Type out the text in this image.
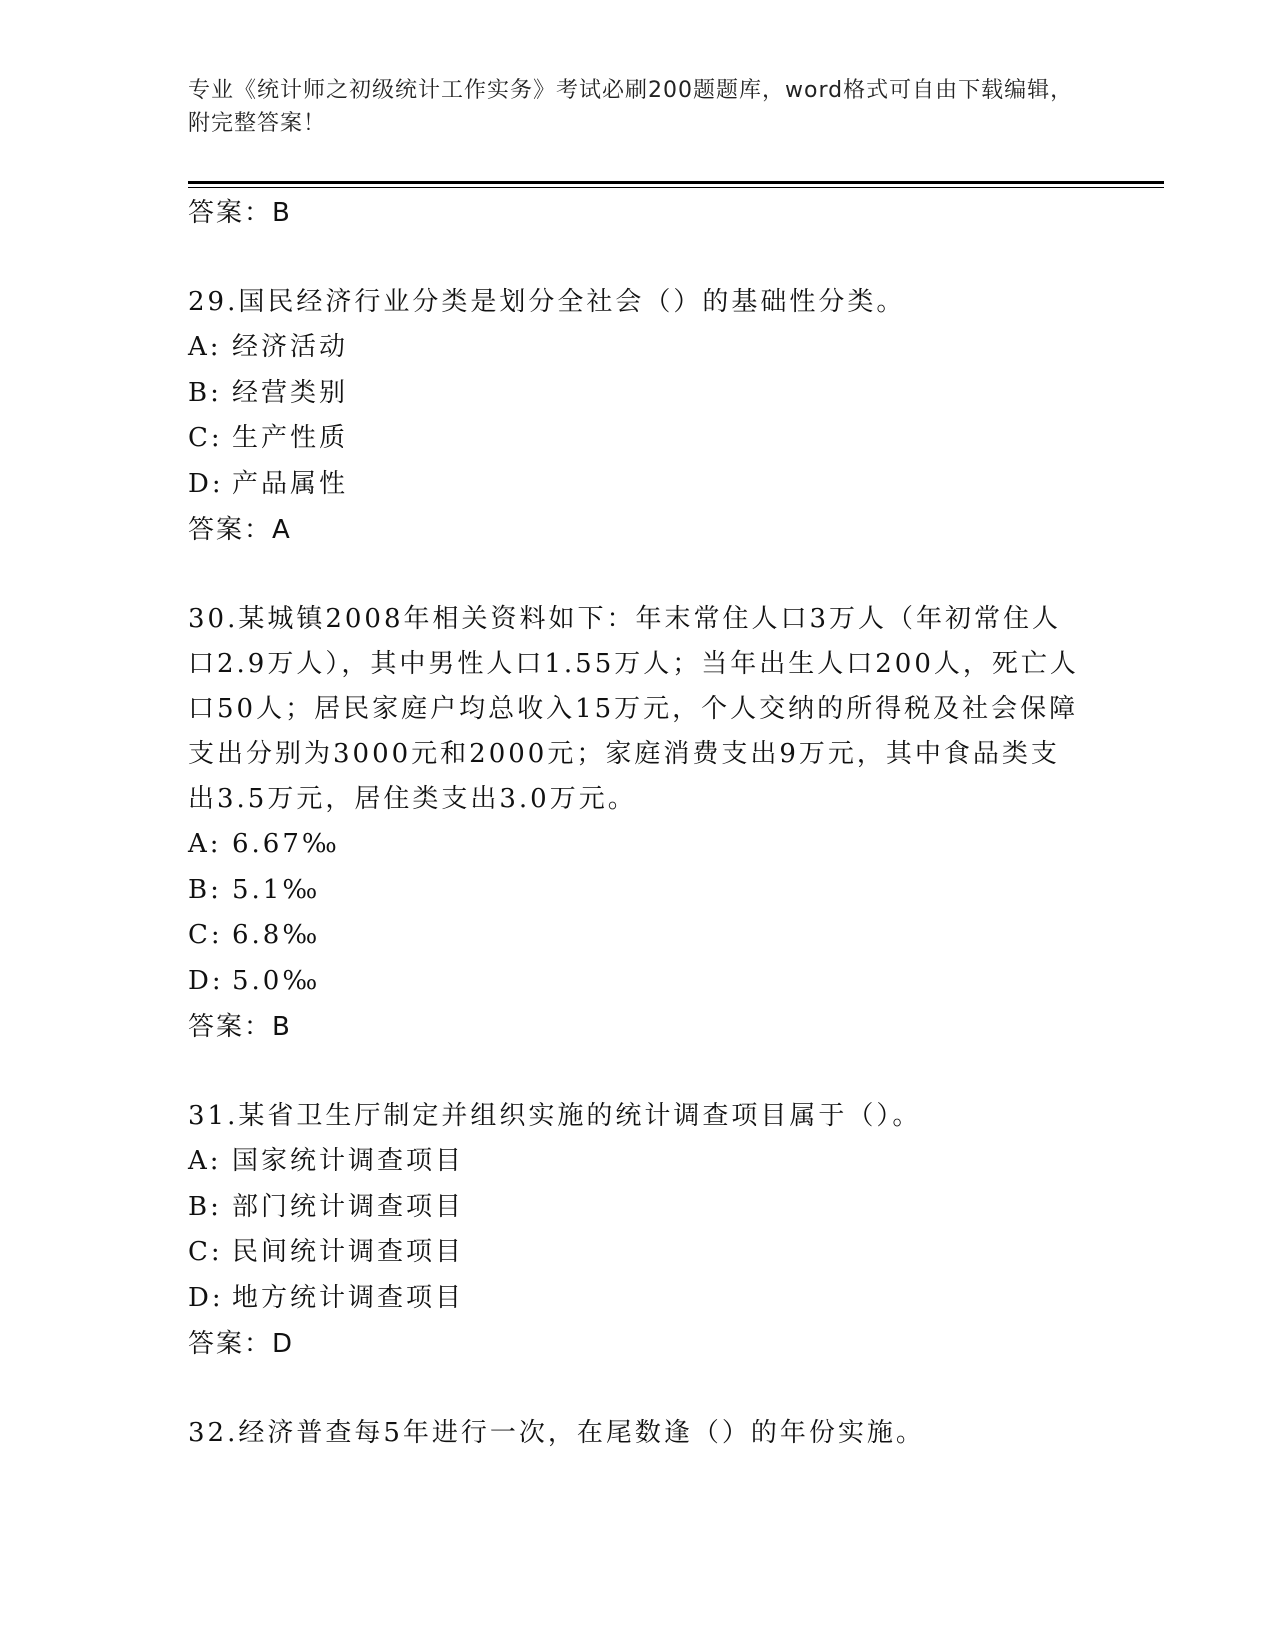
专业《统计师之初级统计工作实务》考试必刷200题题库，word格式可自由下载编辑，附完整答案！

答案：B

29.国民经济行业分类是划分全社会（）的基础性分类。

A: 经济活动

B: 经营类别

C: 生产性质

D: 产品属性

答案：A

30.某城镇2008年相关资料如下：年末常住人口3万人（年初常住人口2.9万人），其中男性人口1.55万人；当年出生人口200人，死亡人口50人；居民家庭户均总收入15万元，个人交纳的所得税及社会保障支出分别为3000元和2000元；家庭消费支出9万元，其中食品类支出3.5万元，居住类支出3.0万元。

A: 6.67‰

B: 5.1‰

C: 6.8‰

D: 5.0‰

答案：B

31.某省卫生厅制定并组织实施的统计调查项目属于（）。

A: 国家统计调查项目

B: 部门统计调查项目

C: 民间统计调查项目

D: 地方统计调查项目

答案：D

32.经济普查每5年进行一次，在尾数逢（）的年份实施。
